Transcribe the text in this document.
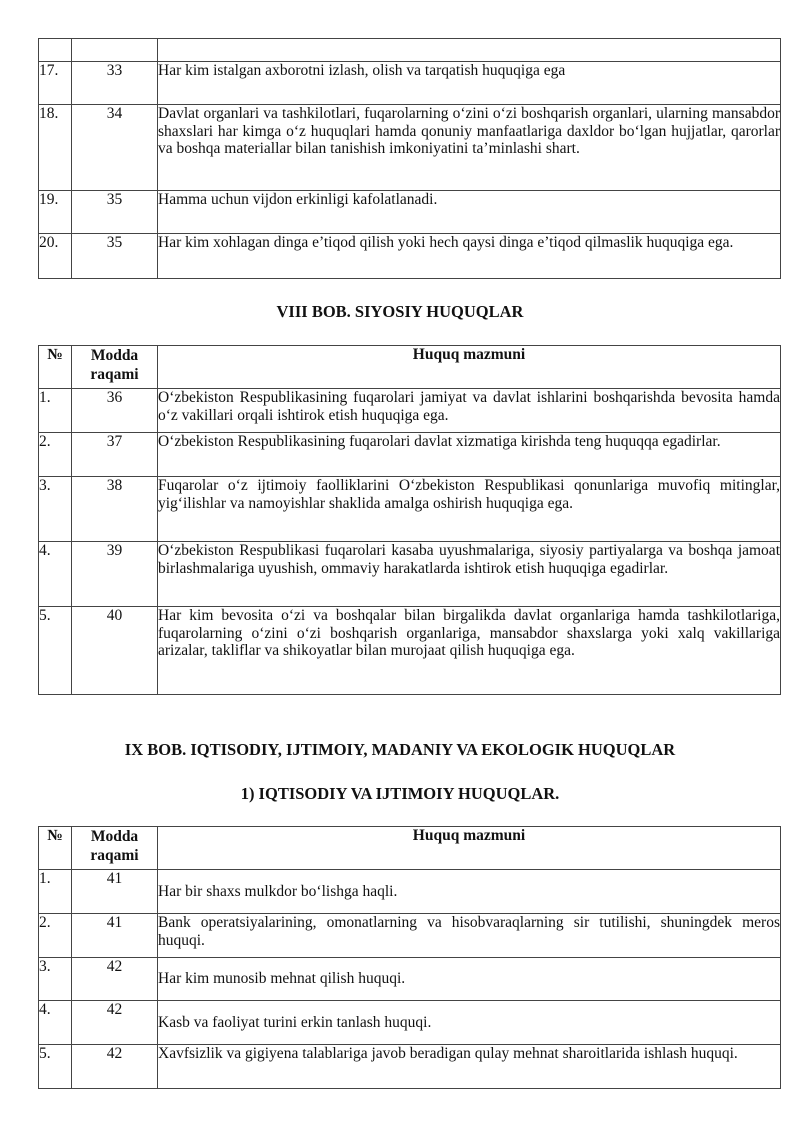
17.	33	Har kim istalgan axborotni izlash, olish va tarqatish huquqiga ega
18.	34	Davlat organlari va tashkilotlari, fuqarolarning o‘zini o‘zi boshqarish organlari, ularning mansabdor shaxslari har kimga o‘z huquqlari hamda qonuniy manfaatlariga daxldor bo‘lgan hujjatlar, qarorlar va boshqa materiallar bilan tanishish imkoniyatini ta’minlashi shart.
19.	35	Hamma uchun vijdon erkinligi kafolatlanadi.
20.	35	Har kim xohlagan dinga e’tiqod qilish yoki hech qaysi dinga e’tiqod qilmaslik huquqiga ega.
VIII BOB. SIYOSIY HUQUQLAR
№	Modda raqami	Huquq mazmuni
1.	36	O‘zbekiston Respublikasining fuqarolari jamiyat va davlat ishlarini boshqarishda bevosita hamda o‘z vakillari orqali ishtirok etish huquqiga ega.
2.	37	O‘zbekiston Respublikasining fuqarolari davlat xizmatiga kirishda teng huquqqa egadirlar.
3.	38	Fuqarolar o‘z ijtimoiy faolliklarini O‘zbekiston Respublikasi qonunlariga muvofiq mitinglar, yig‘ilishlar va namoyishlar shaklida amalga oshirish huquqiga ega.
4.	39	O‘zbekiston Respublikasi fuqarolari kasaba uyushmalariga, siyosiy partiyalarga va boshqa jamoat birlashmalariga uyushish, ommaviy harakatlarda ishtirok etish huquqiga egadirlar.
5.	40	Har kim bevosita o‘zi va boshqalar bilan birgalikda davlat organlariga hamda tashkilotlariga, fuqarolarning o‘zini o‘zi boshqarish organlariga, mansabdor shaxslarga yoki xalq vakillariga arizalar, takliflar va shikoyatlar bilan murojaat qilish huquqiga ega.
IX BOB. IQTISODIY, IJTIMOIY, MADANIY VA EKOLOGIK HUQUQLAR
1) IQTISODIY VA IJTIMOIY HUQUQLAR.
№	Modda raqami	Huquq mazmuni
1.	41	Har bir shaxs mulkdor bo‘lishga haqli.
2.	41	Bank operatsiyalarining, omonatlarning va hisobvaraqlarning sir tutilishi, shuningdek meros huquqi.
3.	42	Har kim munosib mehnat qilish huquqi.
4.	42	Kasb va faoliyat turini erkin tanlash huquqi.
5.	42	Xavfsizlik va gigiyena talablariga javob beradigan qulay mehnat sharoitlarida ishlash huquqi.
